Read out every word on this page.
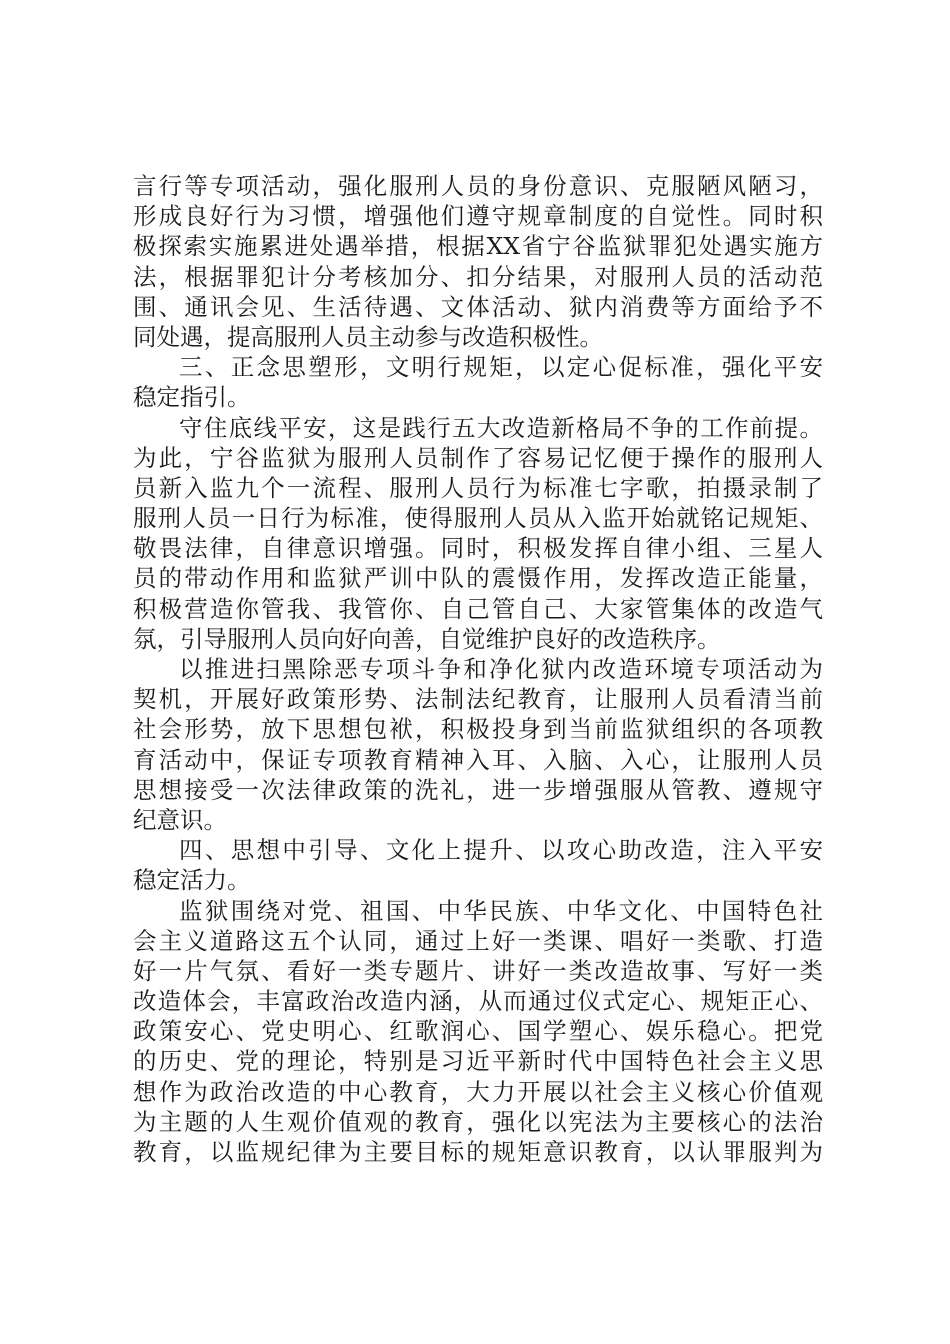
言行等专项活动，强化服刑人员的身份意识、克服陋风陋习，
形成良好行为习惯，增强他们遵守规章制度的自觉性。同时积
极探索实施累进处遇举措，根据XX省宁谷监狱罪犯处遇实施方
法，根据罪犯计分考核加分、扣分结果，对服刑人员的活动范
围、通讯会见、生活待遇、文体活动、狱内消费等方面给予不
同处遇，提高服刑人员主动参与改造积极性。
三、正念思塑形，文明行规矩，以定心促标准，强化平安
稳定指引。
守住底线平安，这是践行五大改造新格局不争的工作前提。
为此，宁谷监狱为服刑人员制作了容易记忆便于操作的服刑人
员新入监九个一流程、服刑人员行为标准七字歌，拍摄录制了
服刑人员一日行为标准，使得服刑人员从入监开始就铭记规矩、
敬畏法律，自律意识增强。同时，积极发挥自律小组、三星人
员的带动作用和监狱严训中队的震慑作用，发挥改造正能量，
积极营造你管我、我管你、自己管自己、大家管集体的改造气
氛，引导服刑人员向好向善，自觉维护良好的改造秩序。
以推进扫黑除恶专项斗争和净化狱内改造环境专项活动为
契机，开展好政策形势、法制法纪教育，让服刑人员看清当前
社会形势，放下思想包袱，积极投身到当前监狱组织的各项教
育活动中，保证专项教育精神入耳、入脑、入心，让服刑人员
思想接受一次法律政策的洗礼，进一步增强服从管教、遵规守
纪意识。
四、思想中引导、文化上提升、以攻心助改造，注入平安
稳定活力。
监狱围绕对党、祖国、中华民族、中华文化、中国特色社
会主义道路这五个认同，通过上好一类课、唱好一类歌、打造
好一片气氛、看好一类专题片、讲好一类改造故事、写好一类
改造体会，丰富政治改造内涵，从而通过仪式定心、规矩正心、
政策安心、党史明心、红歌润心、国学塑心、娱乐稳心。把党
的历史、党的理论，特别是习近平新时代中国特色社会主义思
想作为政治改造的中心教育，大力开展以社会主义核心价值观
为主题的人生观价值观的教育，强化以宪法为主要核心的法治
教育，以监规纪律为主要目标的规矩意识教育，以认罪服判为
